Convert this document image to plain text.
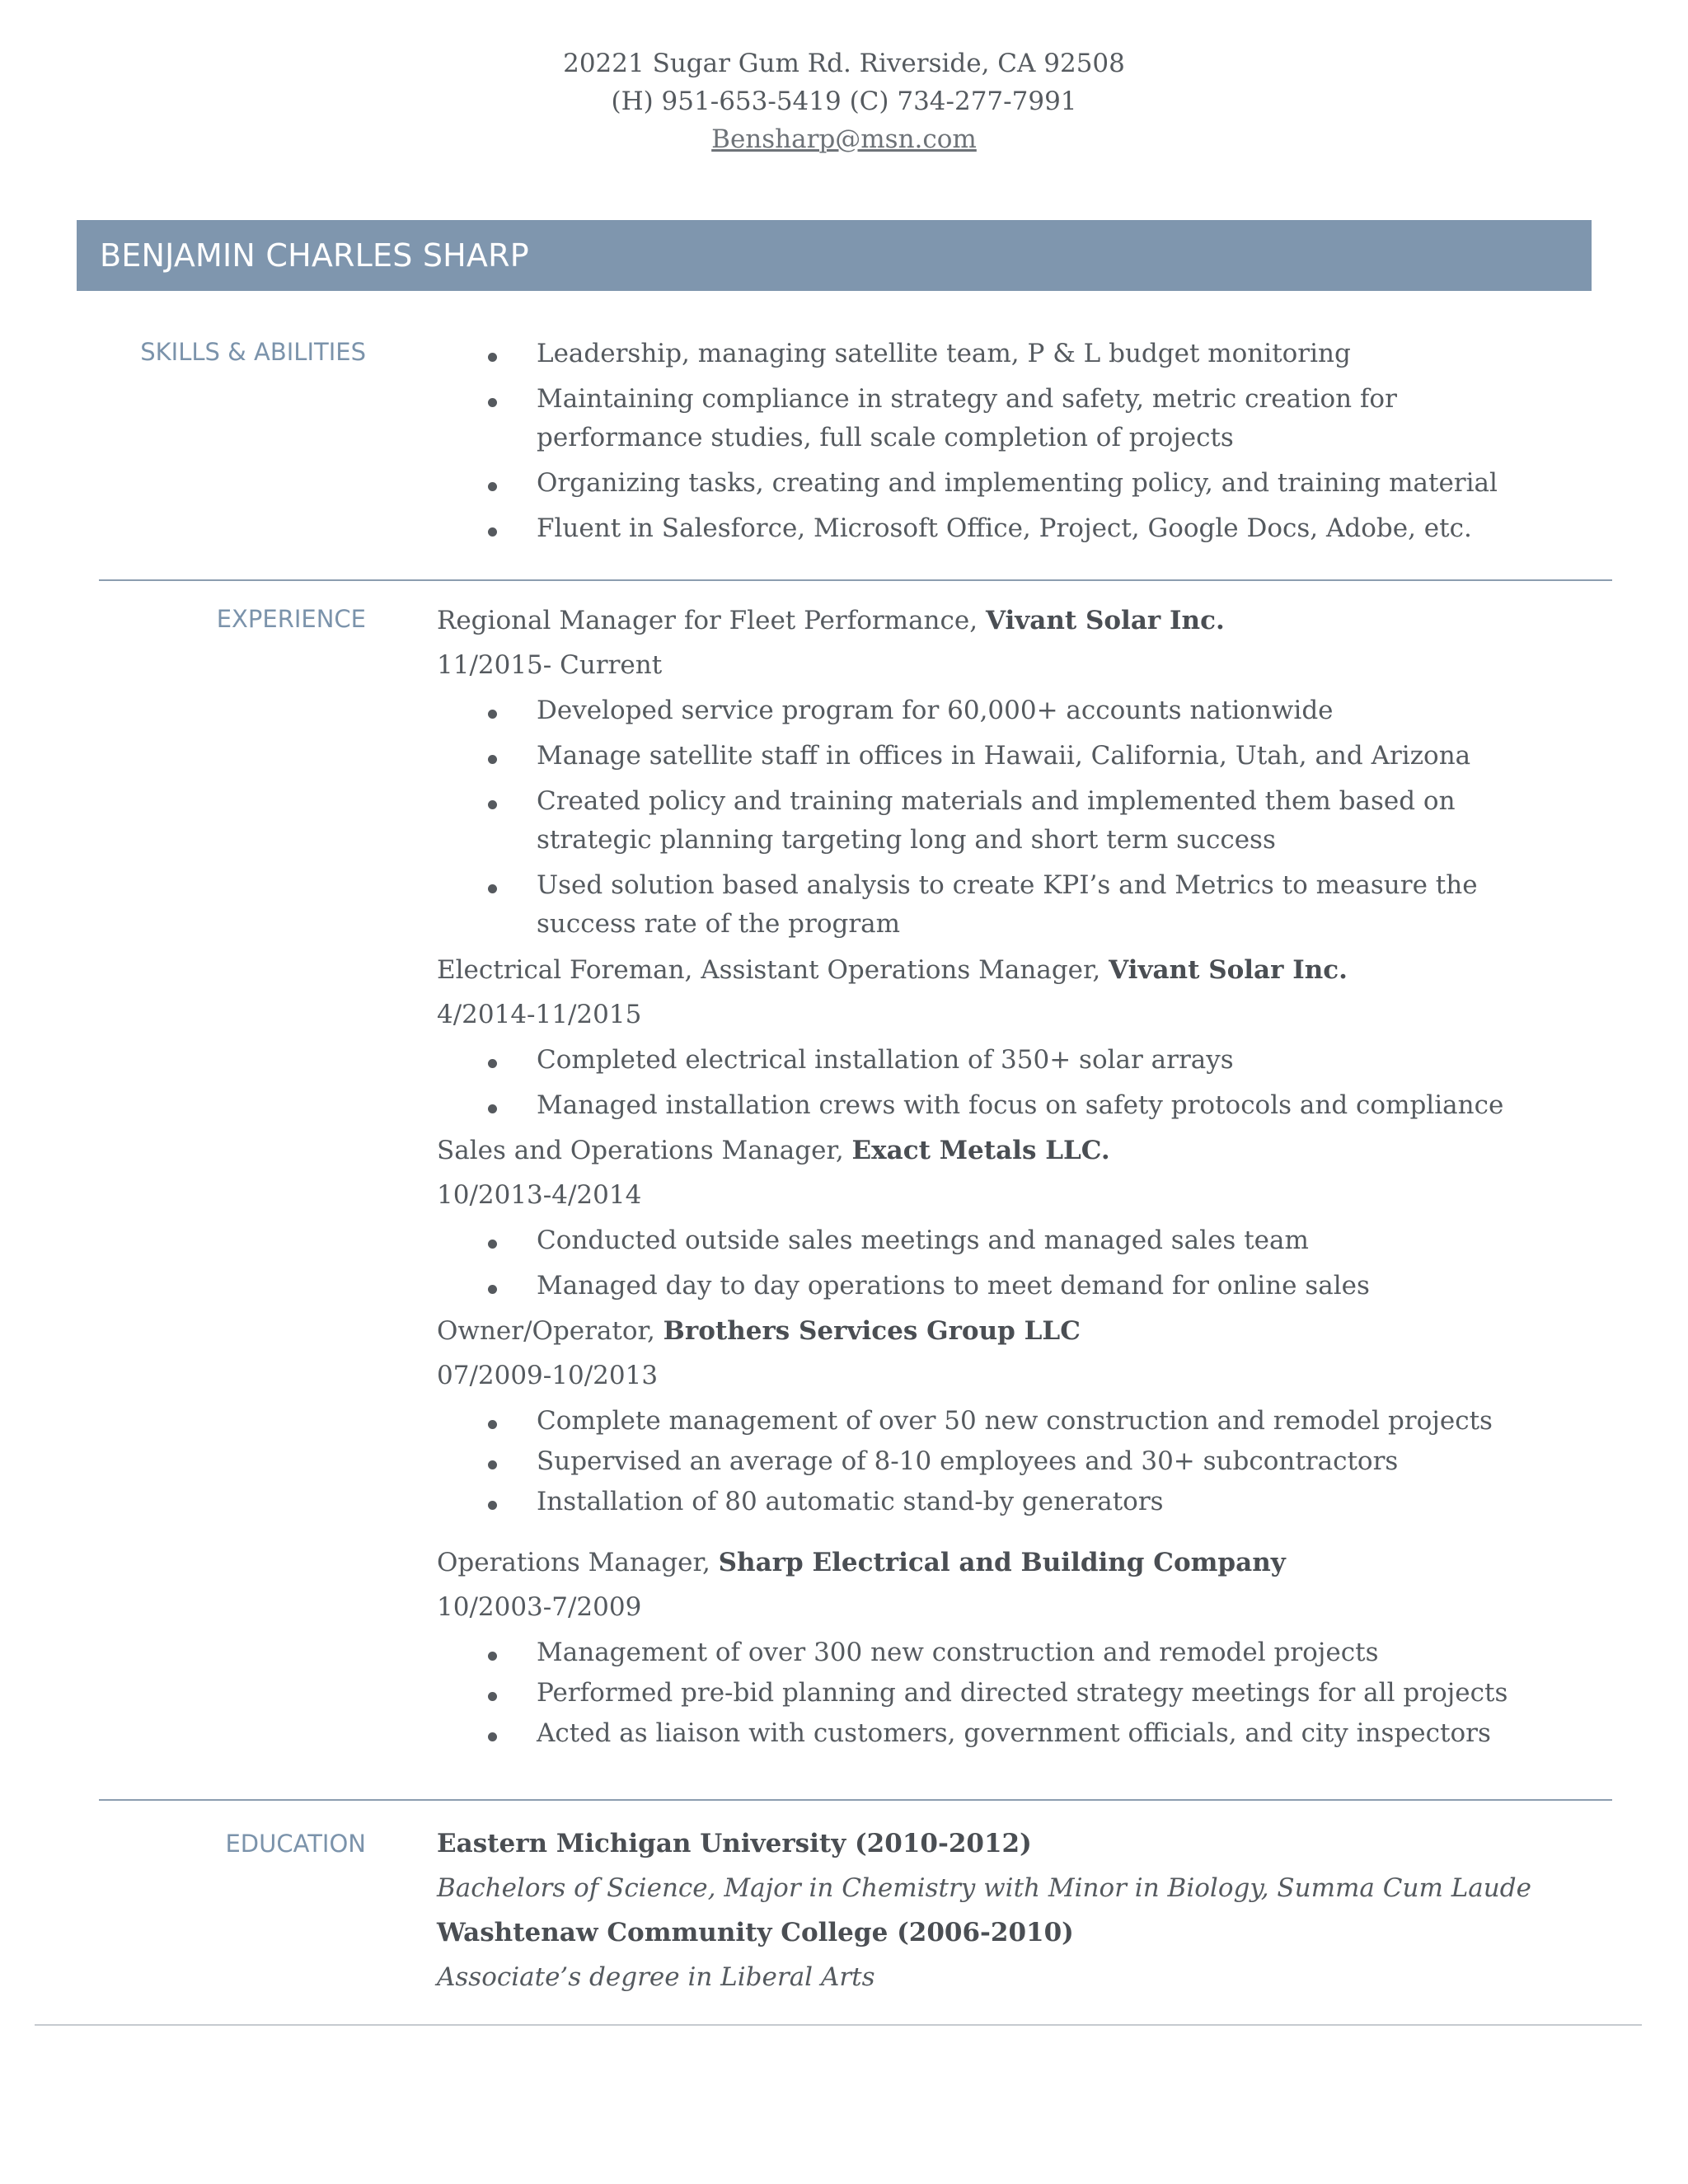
20221 Sugar Gum Rd. Riverside, CA 92508
(H) 951-653-5419 (C) 734-277-7991
Bensharp@msn.com
BENJAMIN CHARLES SHARP
SKILLS & ABILITIES	Leadership, managing satellite team, P & L budget monitoring
Maintaining compliance in strategy and safety, metric creation for
performance studies, full scale completion of projects
Organizing tasks, creating and implementing policy, and training material
Fluent in Salesforce, Microsoft Office, Project, Google Docs, Adobe, etc.
EXPERIENCE	Regional Manager for Fleet Performance, Vivant Solar Inc.
11/2015- Current
Developed service program for 60,000+ accounts nationwide
Manage satellite staff in offices in Hawaii, California, Utah, and Arizona
Created policy and training materials and implemented them based on
strategic planning targeting long and short term success
Used solution based analysis to create KPI’s and Metrics to measure the
success rate of the program
Electrical Foreman, Assistant Operations Manager, Vivant Solar Inc.
4/2014-11/2015
Completed electrical installation of 350+ solar arrays
Managed installation crews with focus on safety protocols and compliance
Sales and Operations Manager, Exact Metals LLC.
10/2013-4/2014
Conducted outside sales meetings and managed sales team
Managed day to day operations to meet demand for online sales
Owner/Operator, Brothers Services Group LLC
07/2009-10/2013
Complete management of over 50 new construction and remodel projects
Supervised an average of 8-10 employees and 30+ subcontractors
Installation of 80 automatic stand-by generators
Operations Manager, Sharp Electrical and Building Company
10/2003-7/2009
Management of over 300 new construction and remodel projects
Performed pre-bid planning and directed strategy meetings for all projects
Acted as liaison with customers, government officials, and city inspectors
EDUCATION	Eastern Michigan University (2010-2012)
Bachelors of Science, Major in Chemistry with Minor in Biology, Summa Cum Laude
Washtenaw Community College (2006-2010)
Associate’s degree in Liberal Arts
